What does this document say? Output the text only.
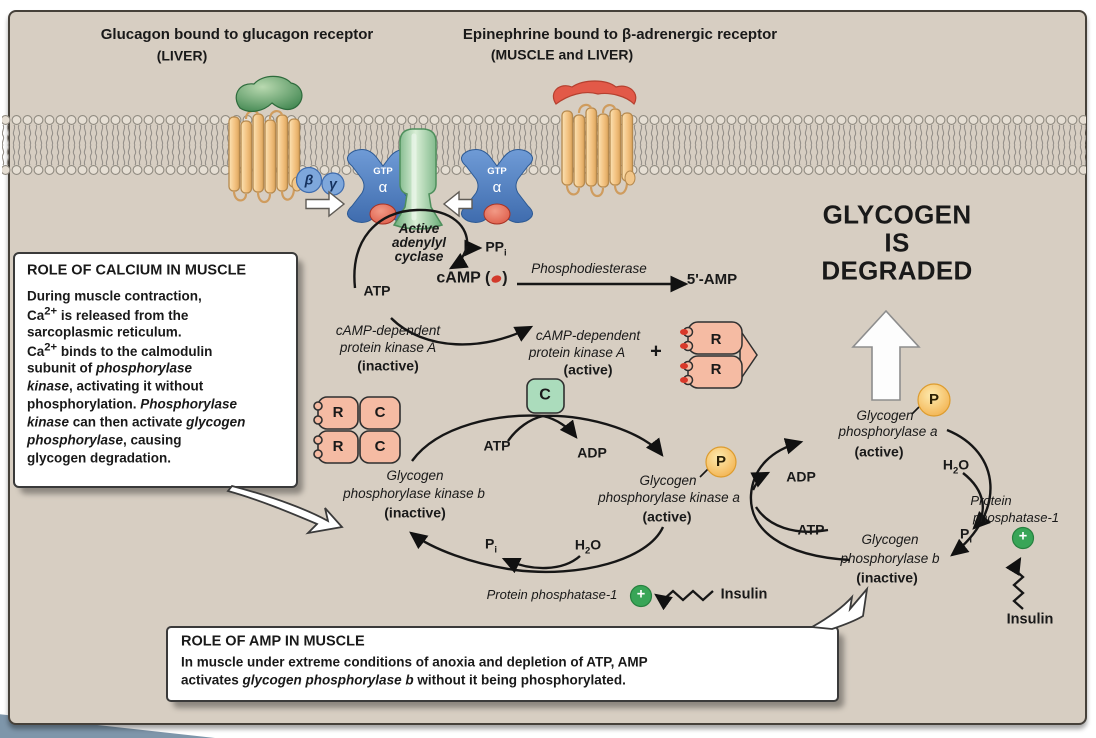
Glucagon bound to glucagon receptor
(LIVER)
Epinephrine bound to β-adrenergic receptor
(MUSCLE and LIVER)
β γ
GTP
α
GTP
α
Active
adenylyl
cyclase
ATP
$PP_i$
cAMP ( )
Phosphodiesterase
5'-AMP
cAMP-dependent
protein kinase A
(inactive)
cAMP-dependent
protein kinase A
(active)
+
R
R
R C
R C
C
ATP	ADP
Glycogen
phosphorylase kinase b
(inactive)
Glycogen
phosphorylase kinase a
(active)
P
$P_i$	$H_2O$
Protein phosphatase-1 +	Insulin
Glycogen
phosphorylase a
(active)
P
ADP
ATP
$H_2O$
Protein
phosphatase-1
$P_i$	+
Glycogen
phosphorylase b
(inactive)
Insulin
GLYCOGEN
IS
DEGRADED
ROLE OF CALCIUM IN MUSCLE
During muscle contraction,
$Ca^{2+}$ is released from the
sarcoplasmic reticulum.
$Ca^{2+}$ binds to the calmodulin
subunit of phosphorylase
kinase, activating it without
phosphorylation. Phosphorylase
kinase can then activate glycogen
phosphorylase, causing
glycogen degradation.
ROLE OF AMP IN MUSCLE
In muscle under extreme conditions of anoxia and depletion of ATP, AMP
activates glycogen phosphorylase b without it being phosphorylated.
